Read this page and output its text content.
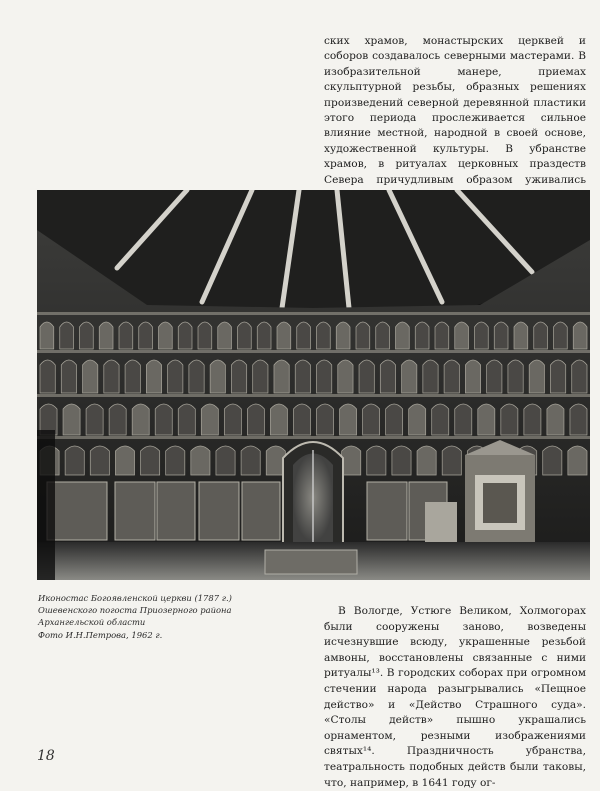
ских храмов, монастырских церквей и соборов создавалось северными мастерами. В изобразительной манере, приемах скульптурной резьбы, образных решениях произведений северной деревянной пластики этого периода прослеживается сильное влияние местной, народной в своей основе, художественной культуры. В убранстве храмов, в ритуалах церковных праздеств Севера причудливым образом уживались

Иконостас Богоявленской церкви (1787 г.)
Ошевенского погоста Приозерного района
Архангельской области
Фото И.Н.Петрова, 1962 г.

В Вологде, Устюге Великом, Холмогорах были сооружены заново, возведены исчезнувшие всюду, украшенные резьбой амвоны, восстановлены связанные с ними ритуалы¹³. В городских соборах при огромном стечении народа разыгрывались «Пещное действо» и «Действо Страшного суда». «Столы действ» пышно украшались орнаментом, резными изображениями святых¹⁴. Праздничность убранства, театральность подобных действ были таковы, что, например, в 1641 году ог-

18
